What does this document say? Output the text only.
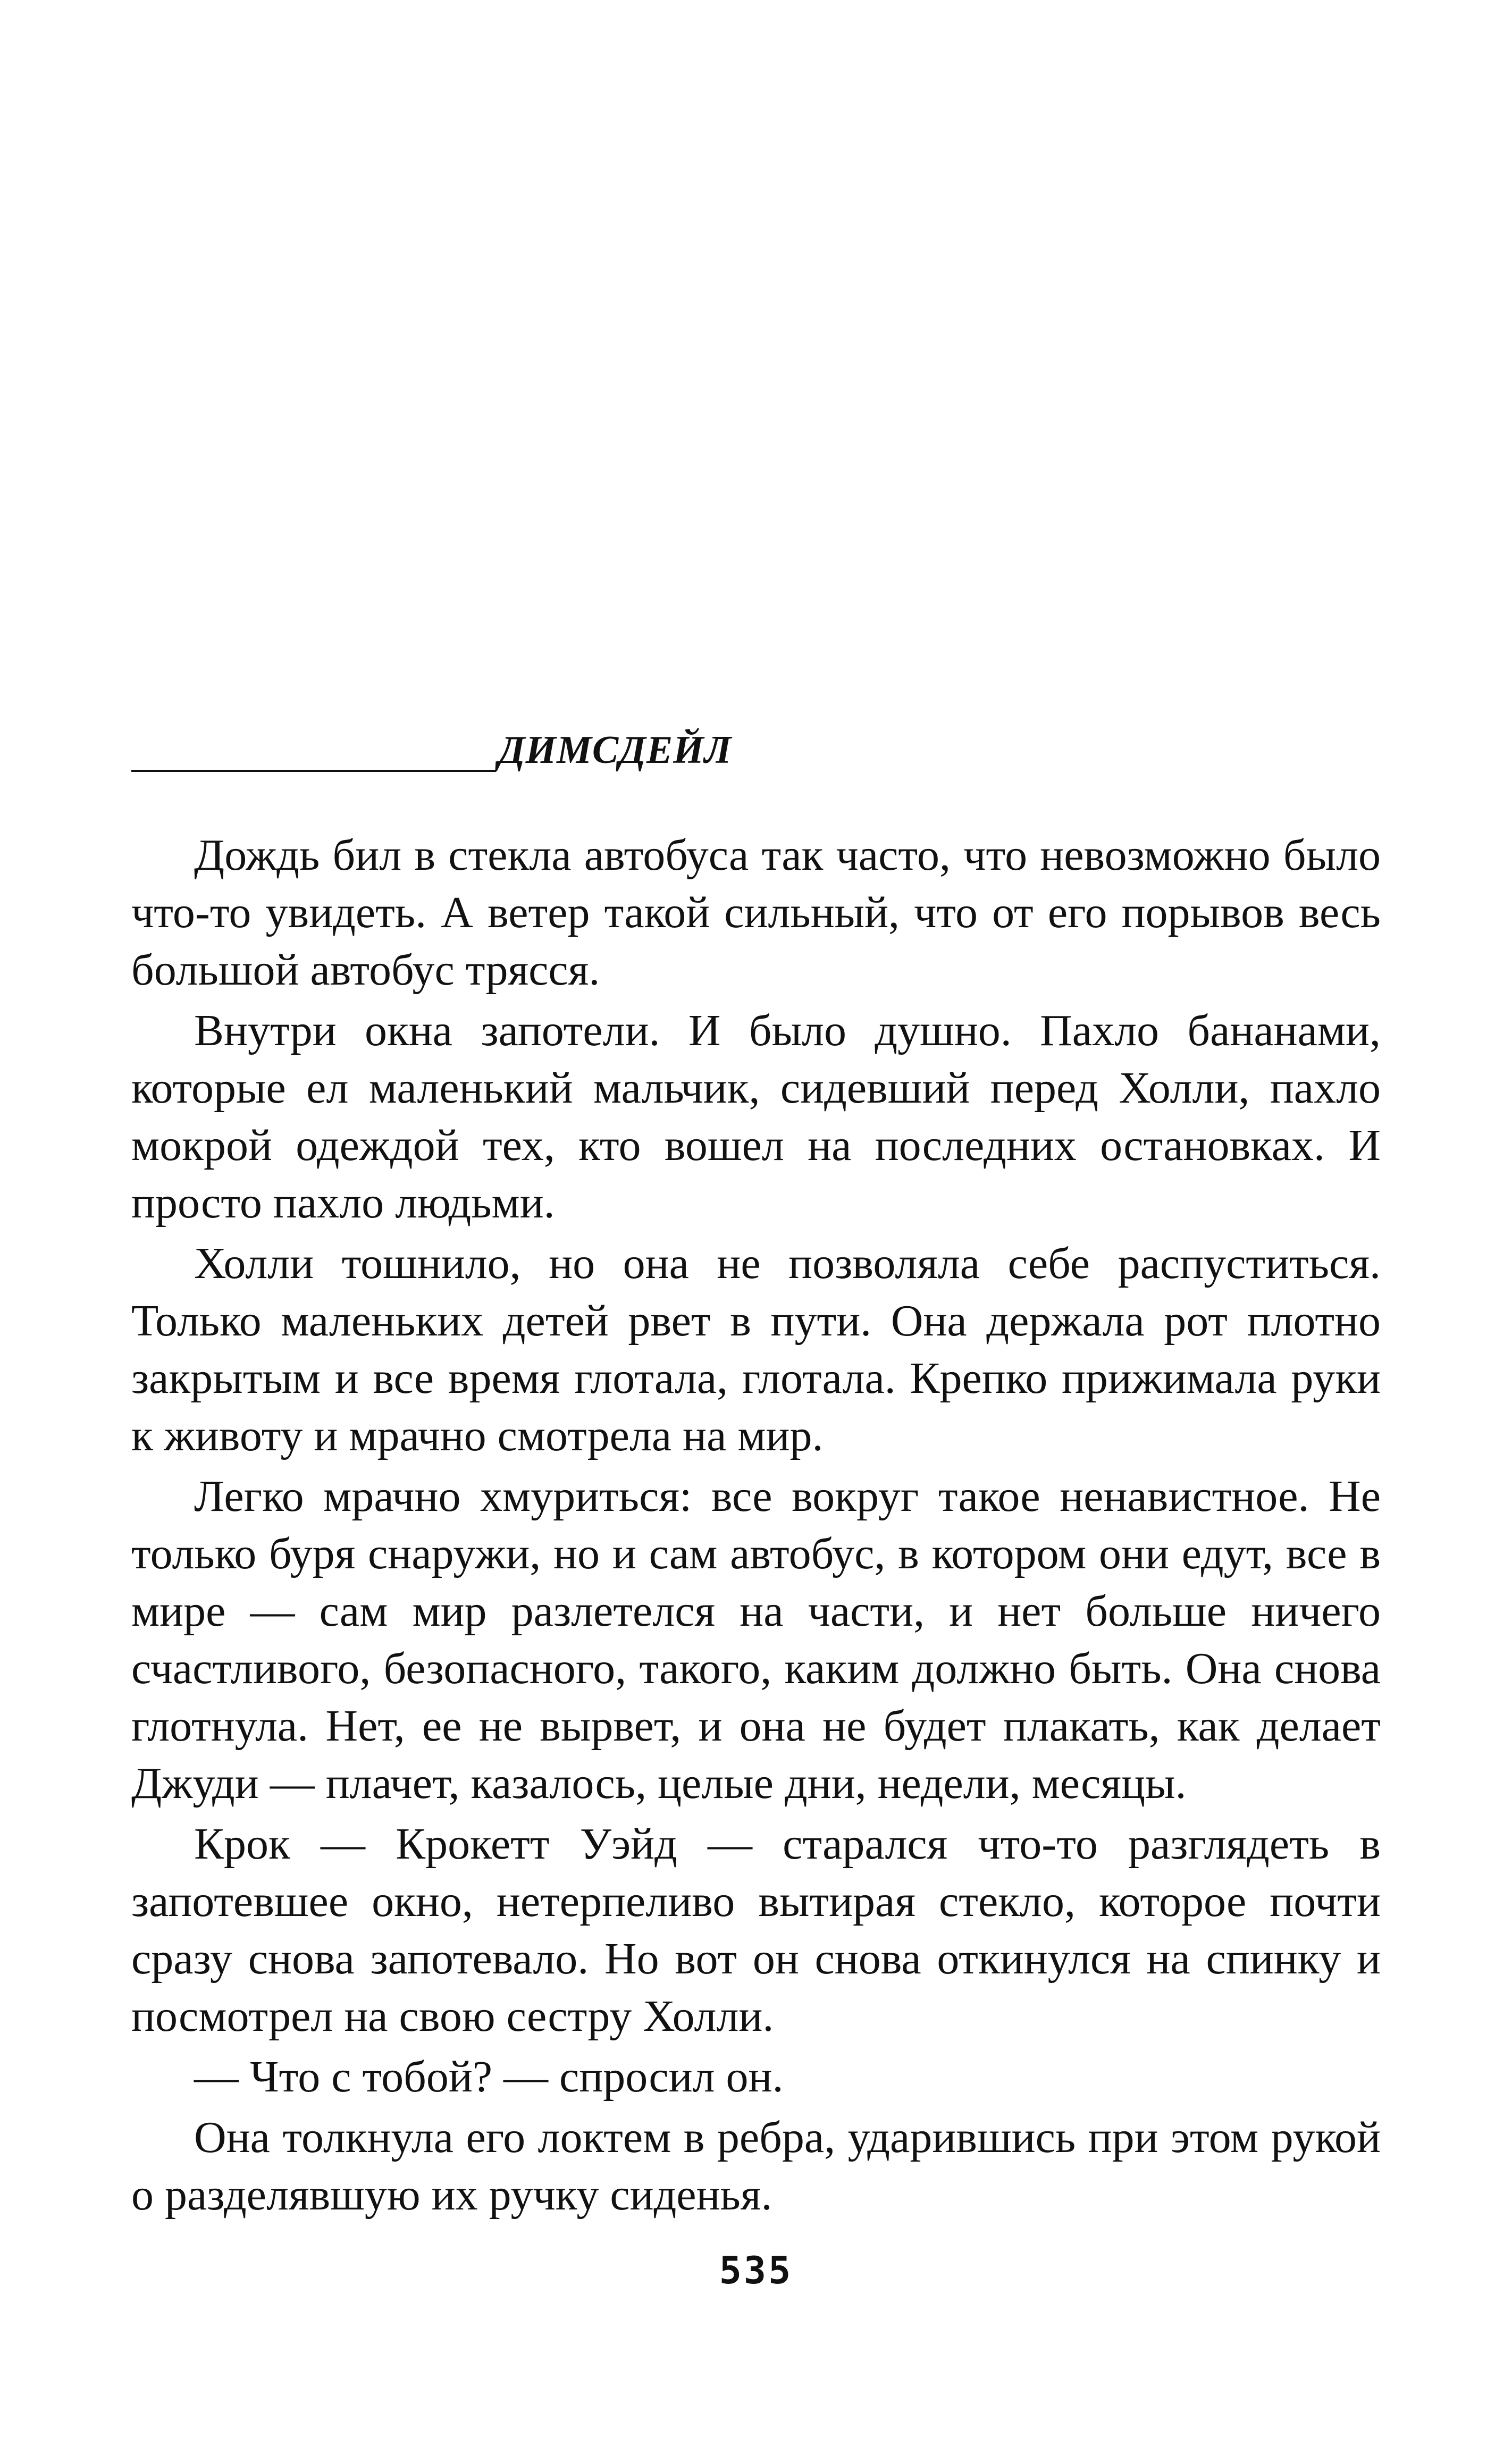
ДИМСДЕЙЛ

Дождь бил в стекла автобуса так часто, что невозможно было что-то увидеть. А ветер такой сильный, что от его порывов весь большой автобус трясся.

Внутри окна запотели. И было душно. Пахло бананами, которые ел маленький мальчик, сидевший перед Холли, пахло мокрой одеждой тех, кто вошел на последних остановках. И просто пахло людьми.

Холли тошнило, но она не позволяла себе распуститься. Только маленьких детей рвет в пути. Она держала рот плотно закрытым и все время глотала, глотала. Крепко прижимала руки к животу и мрачно смотрела на мир.

Легко мрачно хмуриться: все вокруг такое ненавистное. Не только буря снаружи, но и сам автобус, в котором они едут, все в мире — сам мир разлетелся на части, и нет больше ничего счастливого, безопасного, такого, каким должно быть. Она снова глотнула. Нет, ее не вырвет, и она не будет плакать, как делает Джуди — плачет, казалось, целые дни, недели, месяцы.

Крок — Крокетт Уэйд — старался что-то разглядеть в запотевшее окно, нетерпеливо вытирая стекло, которое почти сразу снова запотевало. Но вот он снова откинулся на спинку и посмотрел на свою сестру Холли.

— Что с тобой? — спросил он.

Она толкнула его локтем в ребра, ударившись при этом рукой о разделявшую их ручку сиденья.

535
